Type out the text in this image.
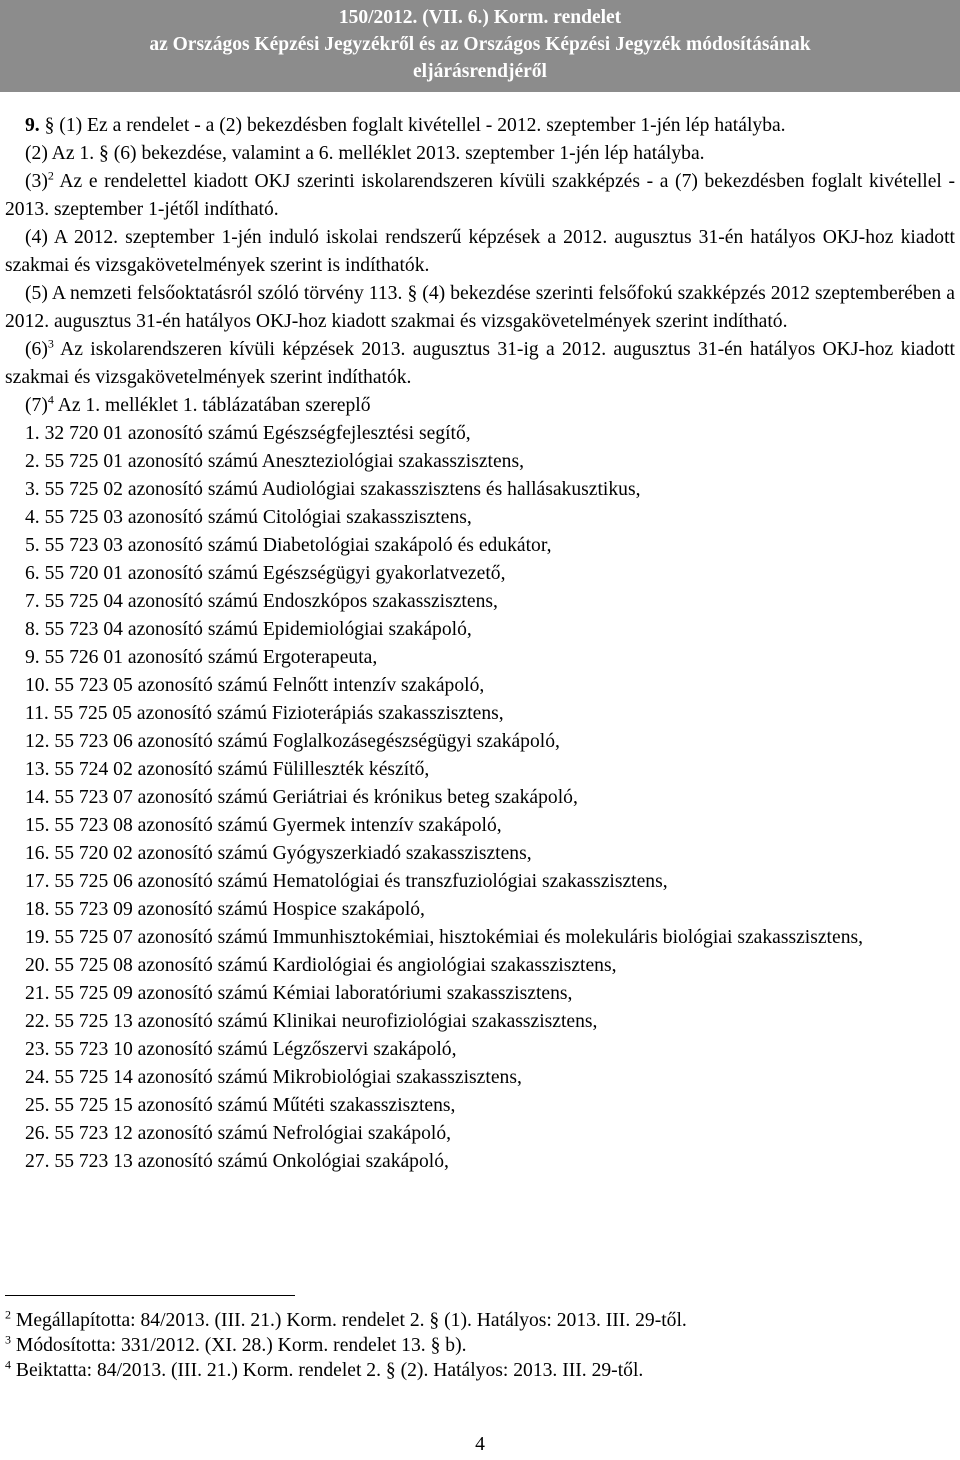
150/2012. (VII. 6.) Korm. rendelet
az Országos Képzési Jegyzékről és az Országos Képzési Jegyzék módosításának
eljárásrendjéről
9. § (1) Ez a rendelet - a (2) bekezdésben foglalt kivétellel - 2012. szeptember 1-jén lép hatályba.
(2) Az 1. § (6) bekezdése, valamint a 6. melléklet 2013. szeptember 1-jén lép hatályba.
$(3)^2$ Az e rendelettel kiadott OKJ szerinti iskolarendszeren kívüli szakképzés - a (7) bekezdésben foglalt kivétellel - 2013. szeptember 1-jétől indítható.
(4) A 2012. szeptember 1-jén induló iskolai rendszerű képzések a 2012. augusztus 31-én hatályos OKJ-hoz kiadott szakmai és vizsgakövetelmények szerint is indíthatók.
(5) A nemzeti felsőoktatásról szóló törvény 113. § (4) bekezdése szerinti felsőfokú szakképzés 2012 szeptemberében a 2012. augusztus 31-én hatályos OKJ-hoz kiadott szakmai és vizsgakövetelmények szerint indítható.
$(6)^3$ Az iskolarendszeren kívüli képzések 2013. augusztus 31-ig a 2012. augusztus 31-én hatályos OKJ-hoz kiadott szakmai és vizsgakövetelmények szerint indíthatók.
$(7)^4$ Az 1. melléklet 1. táblázatában szereplő
1. 32 720 01 azonosító számú Egészségfejlesztési segítő,
2. 55 725 01 azonosító számú Aneszteziológiai szakasszisztens,
3. 55 725 02 azonosító számú Audiológiai szakasszisztens és hallásakusztikus,
4. 55 725 03 azonosító számú Citológiai szakasszisztens,
5. 55 723 03 azonosító számú Diabetológiai szakápoló és edukátor,
6. 55 720 01 azonosító számú Egészségügyi gyakorlatvezető,
7. 55 725 04 azonosító számú Endoszkópos szakasszisztens,
8. 55 723 04 azonosító számú Epidemiológiai szakápoló,
9. 55 726 01 azonosító számú Ergoterapeuta,
10. 55 723 05 azonosító számú Felnőtt intenzív szakápoló,
11. 55 725 05 azonosító számú Fizioterápiás szakasszisztens,
12. 55 723 06 azonosító számú Foglalkozásegészségügyi szakápoló,
13. 55 724 02 azonosító számú Fülilleszték készítő,
14. 55 723 07 azonosító számú Geriátriai és krónikus beteg szakápoló,
15. 55 723 08 azonosító számú Gyermek intenzív szakápoló,
16. 55 720 02 azonosító számú Gyógyszerkiadó szakasszisztens,
17. 55 725 06 azonosító számú Hematológiai és transzfuziológiai szakasszisztens,
18. 55 723 09 azonosító számú Hospice szakápoló,
19. 55 725 07 azonosító számú Immunhisztokémiai, hisztokémiai és molekuláris biológiai szakasszisztens,
20. 55 725 08 azonosító számú Kardiológiai és angiológiai szakasszisztens,
21. 55 725 09 azonosító számú Kémiai laboratóriumi szakasszisztens,
22. 55 725 13 azonosító számú Klinikai neurofiziológiai szakasszisztens,
23. 55 723 10 azonosító számú Légzőszervi szakápoló,
24. 55 725 14 azonosító számú Mikrobiológiai szakasszisztens,
25. 55 725 15 azonosító számú Műtéti szakasszisztens,
26. 55 723 12 azonosító számú Nefrológiai szakápoló,
27. 55 723 13 azonosító számú Onkológiai szakápoló,
$^2$ Megállapította: 84/2013. (III. 21.) Korm. rendelet 2. § (1). Hatályos: 2013. III. 29-től.
$^3$ Módosította: 331/2012. (XI. 28.) Korm. rendelet 13. § b).
$^4$ Beiktatta: 84/2013. (III. 21.) Korm. rendelet 2. § (2). Hatályos: 2013. III. 29-től.
4
